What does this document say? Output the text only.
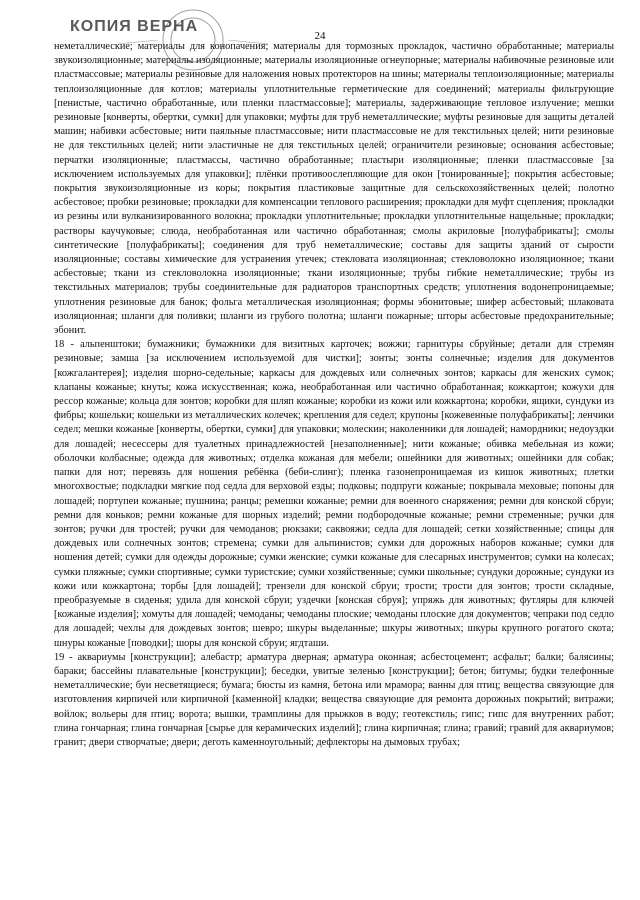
КОПИЯ ВЕРНА
24

неметаллические; материалы для конопачения; материалы для тормозных прокладок, частично обработанные; материалы звукоизоляционные; материалы изоляционные; материалы изоляционные огнеупорные; материалы набивочные резиновые или пластмассовые; материалы резиновые для наложения новых протекторов на шины; материалы теплоизоляционные; материалы теплоизоляционные для котлов; материалы уплотнительные герметические для соединений; материалы фильтрующие [пенистые, частично обработанные, или пленки пластмассовые]; материалы, задерживающие тепловое излучение; мешки резиновые [конверты, обертки, сумки] для упаковки; муфты для труб неметаллические; муфты резиновые для защиты деталей машин; набивки асбестовые; нити паяльные пластмассовые; нити пластмассовые не для текстильных целей; нити резиновые не для текстильных целей; нити эластичные не для текстильных целей; ограничители резиновые; основания асбестовые; перчатки изоляционные; пластмассы, частично обработанные; пластыри изоляционные; пленки пластмассовые [за исключением используемых для упаковки]; плёнки противоослепляющие для окон [тонированные]; покрытия асбестовые; покрытия звукоизоляционные из коры; покрытия пластиковые защитные для сельскохозяйственных целей; полотно асбестовое; пробки резиновые; прокладки для компенсации теплового расширения; прокладки для муфт сцепления; прокладки из резины или вулканизированного волокна; прокладки уплотнительные; прокладки уплотнительные нащельные; прокладки; растворы каучуковые; слюда, необработанная или частично обработанная; смолы акриловые [полуфабрикаты]; смолы синтетические [полуфабрикаты]; соединения для труб неметаллические; составы для защиты зданий от сырости изоляционные; составы химические для устранения утечек; стекловата изоляционная; стекловолокно изоляционное; ткани асбестовые; ткани из стекловолокна изоляционные; ткани изоляционные; трубы гибкие неметаллические; трубы из текстильных материалов; трубы соединительные для радиаторов транспортных средств; уплотнения водонепроницаемые; уплотнения резиновые для банок; фольга металлическая изоляционная; формы эбонитовые; шифер асбестовый; шлаковата изоляционная; шланги для поливки; шланги из грубого полотна; шланги пожарные; шторы асбестовые предохранительные; эбонит.

18 - альпенштоки; бумажники; бумажники для визитных карточек; вожжи; гарнитуры сбруйные; детали для стремян резиновые; замша [за исключением используемой для чистки]; зонты; зонты солнечные; изделия для документов [кожгалантерея]; изделия шорно-седельные; каркасы для дождевых или солнечных зонтов; каркасы для женских сумок; клапаны кожаные; кнуты; кожа искусственная; кожа, необработанная или частично обработанная; кожкартон; кожухи для рессор кожаные; кольца для зонтов; коробки для шляп кожаные; коробки из кожи или кожкартона; коробки, ящики, сундуки из фибры; кошельки; кошельки из металлических колечек; крепления для седел; крупоны [кожевенные полуфабрикаты]; ленчики седел; мешки кожаные [конверты, обертки, сумки] для упаковки; молескин; наколенники для лошадей; намордники; недоуздки для лошадей; несессеры для туалетных принадлежностей [незаполненные]; нити кожаные; обивка мебельная из кожи; оболочки колбасные; одежда для животных; отделка кожаная для мебели; ошейники для животных; ошейники для собак; папки для нот; перевязь для ношения ребёнка (беби-слинг); пленка газонепроницаемая из кишок животных; плетки многохвостые; подкладки мягкие под седла для верховой езды; подковы; подпруги кожаные; покрывала меховые; попоны для лошадей; портупеи кожаные; пушнина; ранцы; ремешки кожаные; ремни для военного снаряжения; ремни для конской сбруи; ремни для коньков; ремни кожаные для шорных изделий; ремни подбородочные кожаные; ремни стременные; ручки для зонтов; ручки для тростей; ручки для чемоданов; рюкзаки; саквояжи; седла для лошадей; сетки хозяйственные; спицы для дождевых или солнечных зонтов; стремена; сумки для альпинистов; сумки для дорожных наборов кожаные; сумки для ношения детей; сумки для одежды дорожные; сумки женские; сумки кожаные для слесарных инструментов; сумки на колесах; сумки пляжные; сумки спортивные; сумки туристские; сумки хозяйственные; сумки школьные; сундуки дорожные; сундуки из кожи или кожкартона; торбы [для лошадей]; трензели для конской сбруи; трости; трости для зонтов; трости складные, преобразуемые в сиденья; удила для конской сбруи; уздечки [конская сбруя]; упряжь для животных; футляры для ключей [кожаные изделия]; хомуты для лошадей; чемоданы; чемоданы плоские; чемоданы плоские для документов; чепраки под седло для лошадей; чехлы для дождевых зонтов; шевро; шкуры выделанные; шкуры животных; шкуры крупного рогатого скота; шнуры кожаные [поводки]; шоры для конской сбруи; ягдташи.

19 - аквариумы [конструкции]; алебастр; арматура дверная; арматура оконная; асбестоцемент; асфальт; балки; балясины; бараки; бассейны плавательные [конструкции]; беседки, увитые зеленью [конструкции]; бетон; битумы; будки телефонные неметаллические; буи несветящиеся; бумага; бюсты из камня, бетона или мрамора; ванны для птиц; вещества связующие для изготовления кирпичей или кирпичной [каменной] кладки; вещества связующие для ремонта дорожных покрытий; витражи; войлок; вольеры для птиц; ворота; вышки, трамплины для прыжков в воду; геотекстиль; гипс; гипс для внутренних работ; глина гончарная; глина гончарная [сырье для керамических изделий]; глина кирпичная; глина; гравий; гравий для аквариумов; гранит; двери створчатые; двери; деготь каменноугольный; дефлекторы на дымовых трубах;
